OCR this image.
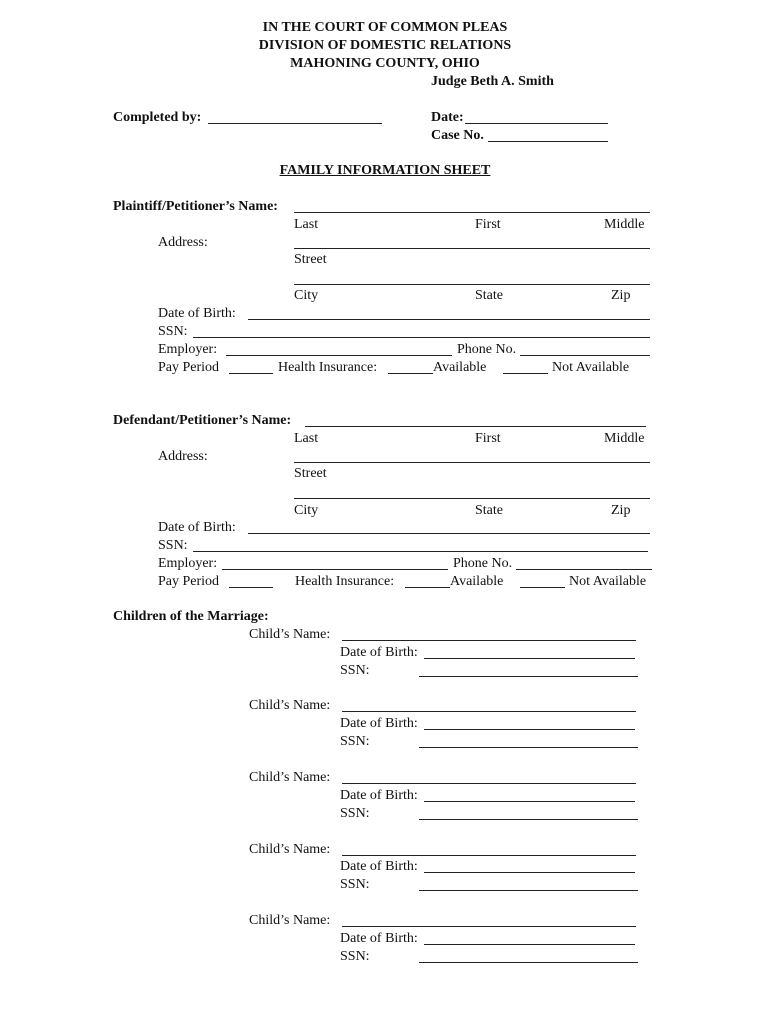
IN THE COURT OF COMMON PLEAS
DIVISION OF DOMESTIC RELATIONS
MAHONING COUNTY, OHIO
Judge Beth A. Smith
Completed by:	Date:
Case No.
FAMILY INFORMATION SHEET
Plaintiff/Petitioner’s Name:
Last	First	Middle
Address:
Street
City	State	Zip
Date of Birth:
SSN:
Employer:	Phone No.
Pay Period	Health Insurance:	Available	Not Available
Defendant/Petitioner’s Name:
Last	First	Middle
Address:
Street
City	State	Zip
Date of Birth:
SSN:
Employer:	Phone No.
Pay Period	Health Insurance:	Available	Not Available
Children of the Marriage:
Child’s Name:
Date of Birth:
SSN:
Child’s Name:
Date of Birth:
SSN:
Child’s Name:
Date of Birth:
SSN:
Child’s Name:
Date of Birth:
SSN:
Child’s Name:
Date of Birth:
SSN:
